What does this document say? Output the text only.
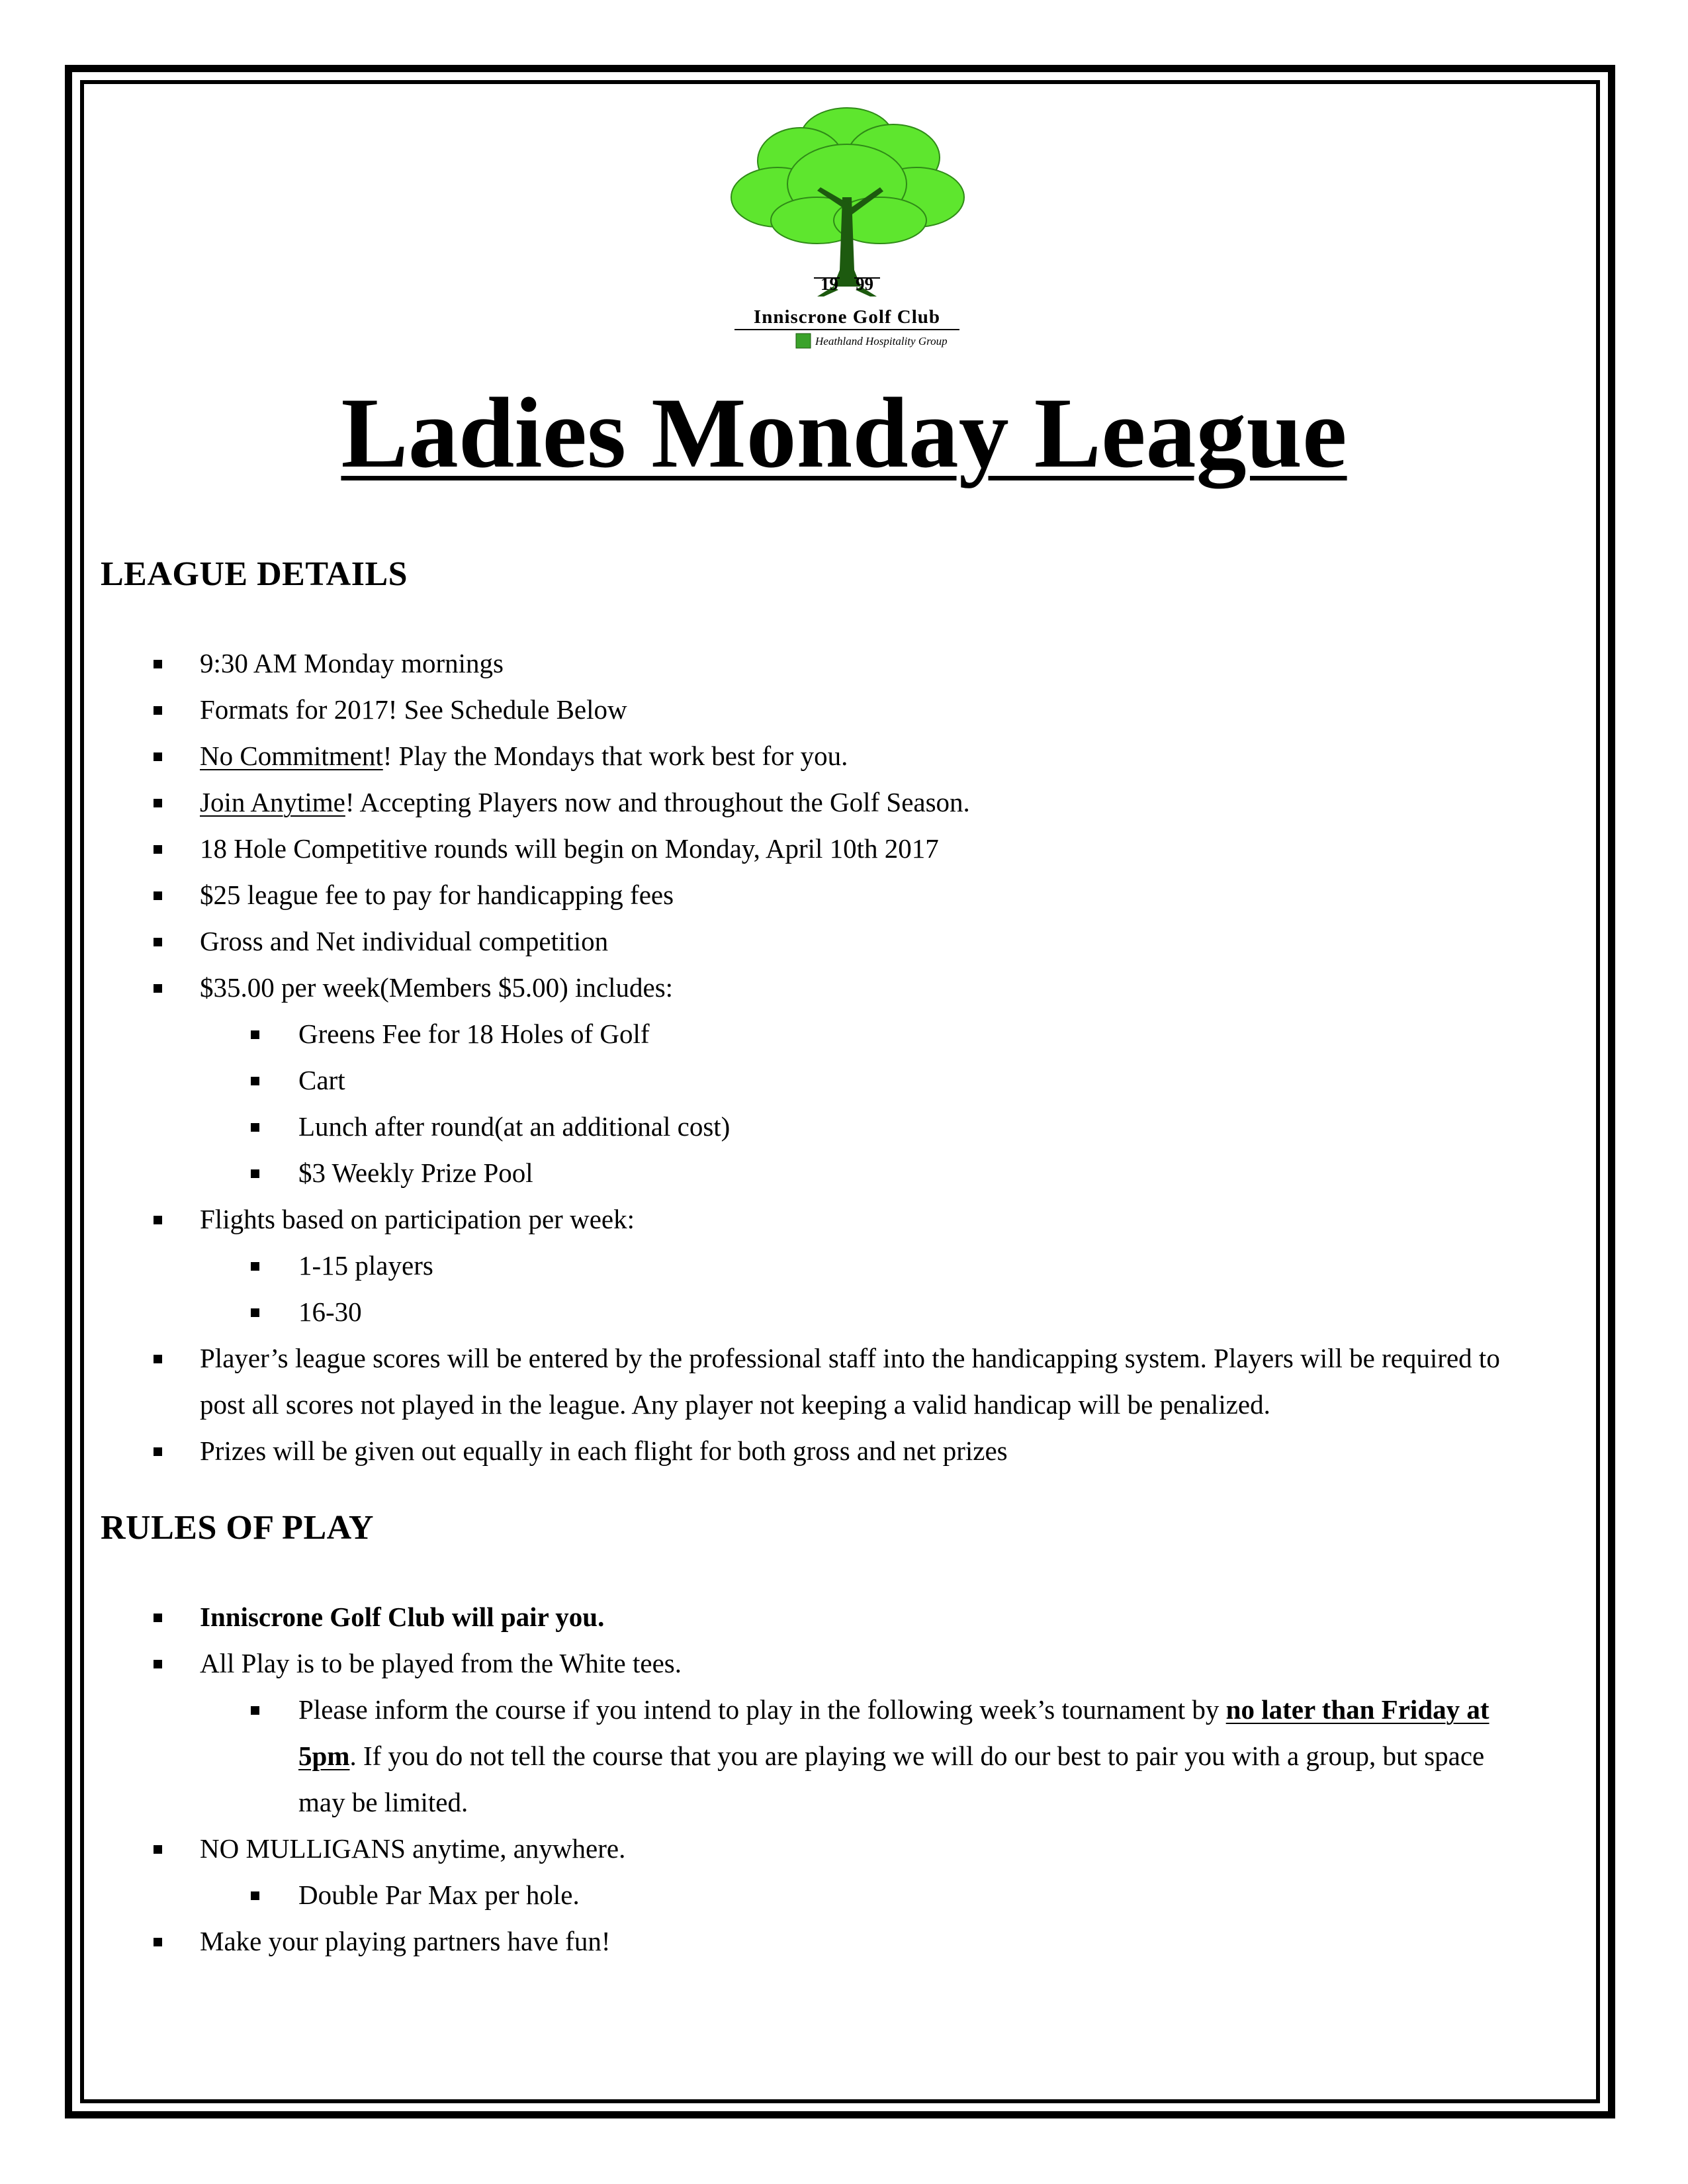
19 99
Inniscrone Golf Club
Heathland Hospitality Group
Ladies Monday League
LEAGUE DETAILS
9:30 AM Monday mornings
Formats for 2017! See Schedule Below
No Commitment! Play the Mondays that work best for you.
Join Anytime! Accepting Players now and throughout the Golf Season.
18 Hole Competitive rounds will begin on Monday, April 10th 2017
$25 league fee to pay for handicapping fees
Gross and Net individual competition
$35.00 per week(Members $5.00) includes:
Greens Fee for 18 Holes of Golf
Cart
Lunch after round(at an additional cost)
$3 Weekly Prize Pool
Flights based on participation per week:
1-15 players
16-30
Player’s league scores will be entered by the professional staff into the handicapping system. Players will be required to
post all scores not played in the league. Any player not keeping a valid handicap will be penalized.
Prizes will be given out equally in each flight for both gross and net prizes
RULES OF PLAY
Inniscrone Golf Club will pair you.
All Play is to be played from the White tees.
Please inform the course if you intend to play in the following week’s tournament by no later than Friday at
5pm. If you do not tell the course that you are playing we will do our best to pair you with a group, but space
may be limited.
NO MULLIGANS anytime, anywhere.
Double Par Max per hole.
Make your playing partners have fun!
